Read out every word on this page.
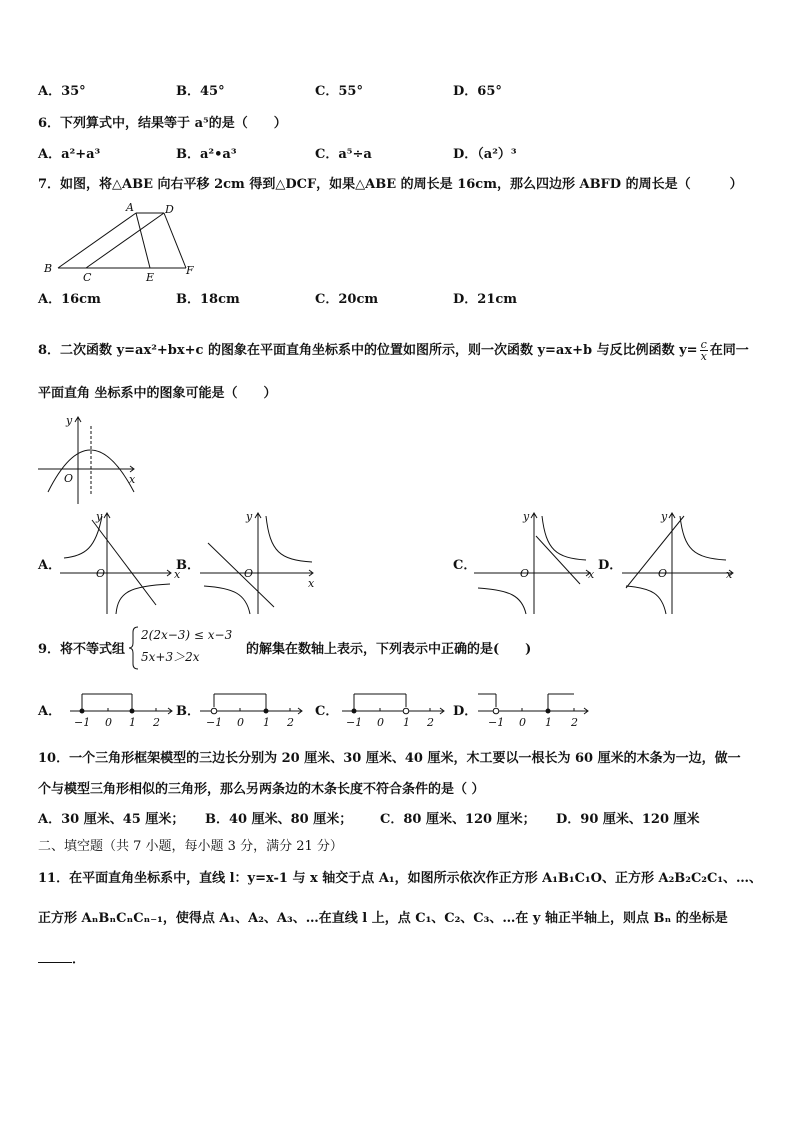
A．35°	B．45°	C．55°	D．65°
6．下列算式中，结果等于 a⁵的是（　　）
A．a²+a³	B．a²•a³	C．a⁵÷a	D．（a²）³
7．如图，将△ABE 向右平移 2cm 得到△DCF，如果△ABE 的周长是 16cm，那么四边形 ABFD 的周长是（　　　）
A	D
B
C	E
F
A．16cm	B．18cm	C．20cm	D．21cm
8．二次函数 y=ax²+bx+c 的图象在平面直角坐标系中的位置如图所示，则一次函数 y=ax+b 与反比例函数 $y= \frac{c}{x}$ 在同一
平面直角 坐标系中的图象可能是（　　）
y
x
O
A．	B．	C．	D．
y
x
O
y
x
O
y
x
O
y
x
O
9．将不等式组
2(2x−3) ≤ x−3
5x+3＞2x	的解集在数轴上表示，下列表示中正确的是(　　)
A．	B．	C．	D．
−1 0 1 2	−1 0 1 2	−1 0 1 2	−1 0 1 2
10．一个三角形框架模型的三边长分别为 20 厘米、30 厘米、40 厘米，木工要以一根长为 60 厘米的木条为一边，做一
个与模型三角形相似的三角形，那么另两条边的木条长度不符合条件的是（ ）
A．30 厘米、45 厘米； B．40 厘米、80 厘米； C．80 厘米、120 厘米； D．90 厘米、120 厘米
二、填空题（共 7 小题，每小题 3 分，满分 21 分）
11．在平面直角坐标系中，直线 l：y=x-1 与 x 轴交于点 A₁，如图所示依次作正方形 A₁B₁C₁O、正方形 A₂B₂C₂C₁、…、
正方形 AₙBₙCₙCₙ₋₁，使得点 A₁、A₂、A₃、…在直线 l 上，点 C₁、C₂、C₃、…在 y 轴正半轴上，则点 Bₙ 的坐标是
．
